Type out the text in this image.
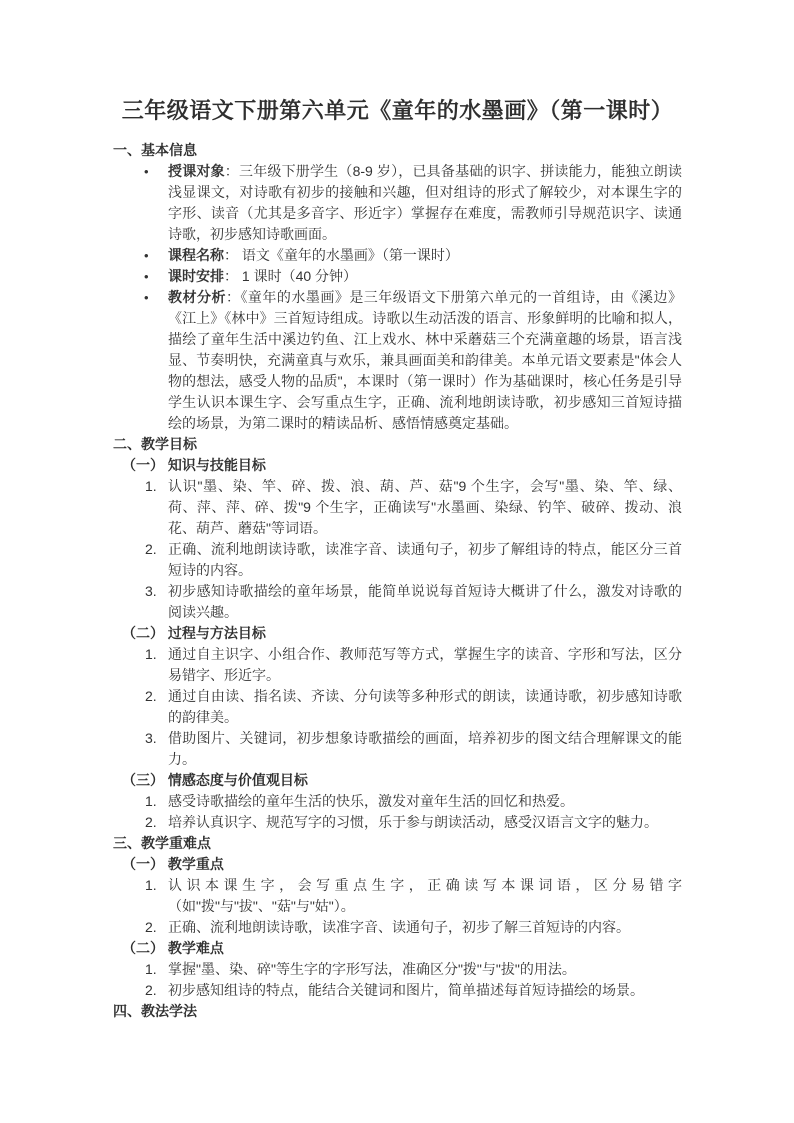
三年级语文下册第六单元《童年的水墨画》（第一课时）
一、基本信息
• 授课对象：三年级下册学生（8-9 岁），已具备基础的识字、拼读能力，能独立朗读浅显课文，对诗歌有初步的接触和兴趣，但对组诗的形式了解较少，对本课生字的字形、读音（尤其是多音字、形近字）掌握存在难度，需教师引导规范识字、读通诗歌，初步感知诗歌画面。
• 课程名称： 语文《童年的水墨画》（第一课时）
• 课时安排： 1 课时（40 分钟）
• 教材分析：《童年的水墨画》是三年级语文下册第六单元的一首组诗，由《溪边》《江上》《林中》三首短诗组成。诗歌以生动活泼的语言、形象鲜明的比喻和拟人，描绘了童年生活中溪边钓鱼、江上戏水、林中采蘑菇三个充满童趣的场景，语言浅显、节奏明快，充满童真与欢乐，兼具画面美和韵律美。本单元语文要素是"体会人物的想法，感受人物的品质"，本课时（第一课时）作为基础课时，核心任务是引导学生认识本课生字、会写重点生字，正确、流利地朗读诗歌，初步感知三首短诗描绘的场景，为第二课时的精读品析、感悟情感奠定基础。
二、教学目标
（一） 知识与技能目标
1. 认识"墨、染、竿、碎、拨、浪、葫、芦、菇"9 个生字，会写"墨、染、竿、绿、荷、萍、萍、碎、拨"9 个生字，正确读写"水墨画、染绿、钓竿、破碎、拨动、浪花、葫芦、蘑菇"等词语。
2. 正确、流利地朗读诗歌，读准字音、读通句子，初步了解组诗的特点，能区分三首短诗的内容。
3. 初步感知诗歌描绘的童年场景，能简单说说每首短诗大概讲了什么，激发对诗歌的阅读兴趣。
（二） 过程与方法目标
1. 通过自主识字、小组合作、教师范写等方式，掌握生字的读音、字形和写法，区分易错字、形近字。
2. 通过自由读、指名读、齐读、分句读等多种形式的朗读，读通诗歌，初步感知诗歌的韵律美。
3. 借助图片、关键词，初步想象诗歌描绘的画面，培养初步的图文结合理解课文的能力。
（三） 情感态度与价值观目标
1. 感受诗歌描绘的童年生活的快乐，激发对童年生活的回忆和热爱。
2. 培养认真识字、规范写字的习惯，乐于参与朗读活动，感受汉语言文字的魅力。
三、教学重难点
（一） 教学重点
1. 认识本课生字，会写重点生字，正确读写本课词语，区分易错字（如"拨"与"拔"、"菇"与"姑"）。
2. 正确、流利地朗读诗歌，读准字音、读通句子，初步了解三首短诗的内容。
（二） 教学难点
1. 掌握"墨、染、碎"等生字的字形写法，准确区分"拨"与"拔"的用法。
2. 初步感知组诗的特点，能结合关键词和图片，简单描述每首短诗描绘的场景。
四、教法学法
